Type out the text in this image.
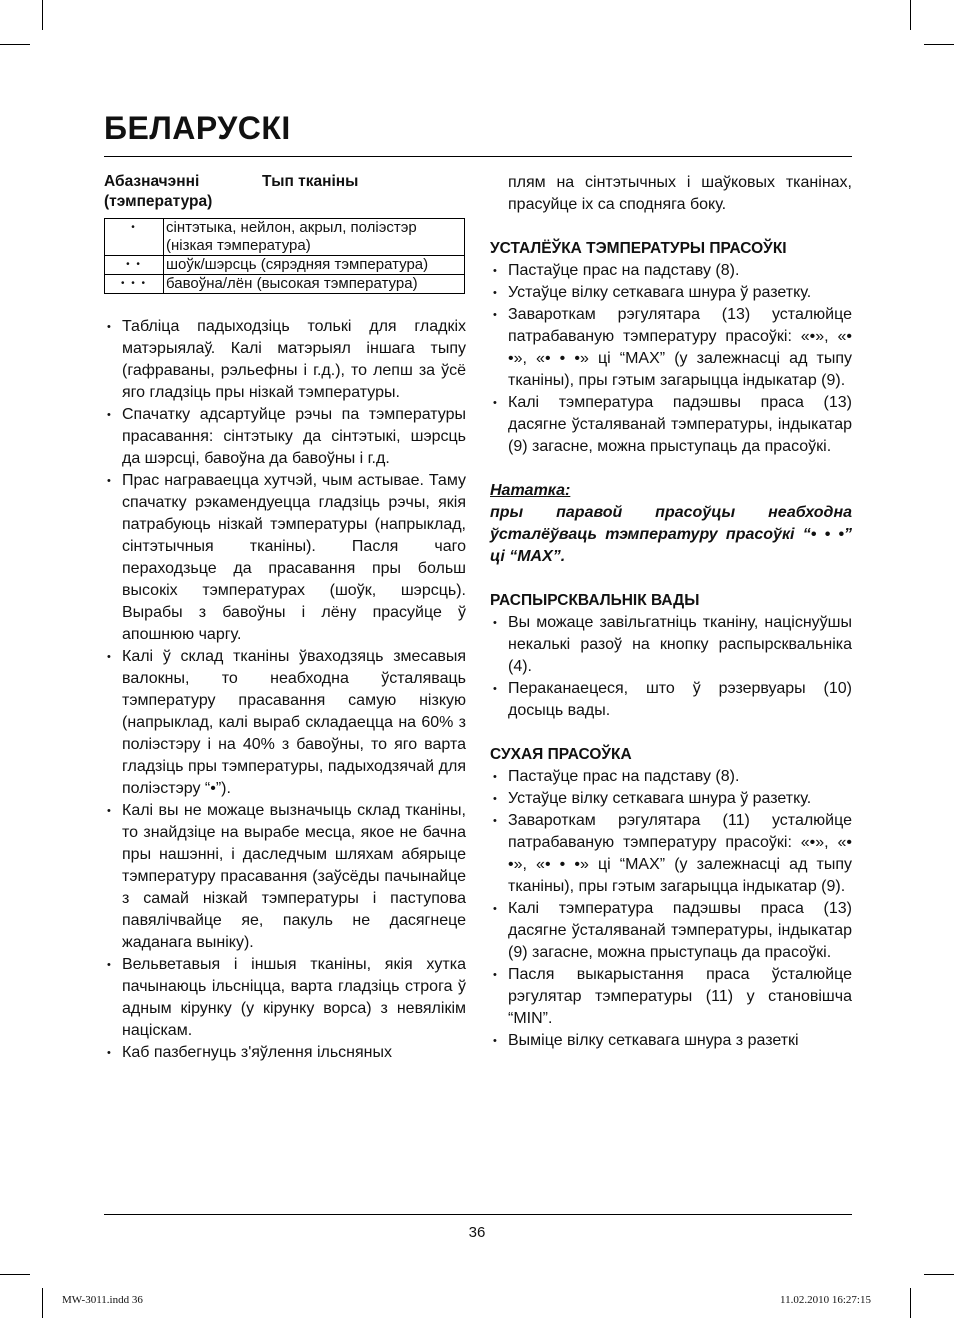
БЕЛАРУСКІ
Абазначэнні (тэмпература)
Тып тканіны
•	сінтэтыка, нейлон, акрыл, поліэстэр (нізкая тэмпература)
• •	шоўк/шэрсць (сярэдняя тэмпература)
• • •	бавоўна/лён (высокая тэмпература)
• Табліца падыходзіць толькі для гладкіх матэрыялаў. Калі матэрыял іншага тыпу (гафраваны, рэльефны і г.д.), то лепш за ўсё яго гладзіць пры нізкай тэмпературы.
• Спачатку адсартуйце рэчы па тэмпературы прасавання: сінтэтыку да сінтэтыкі, шэрсць да шэрсці, бавоўна да бавоўны і г.д.
• Прас награваецца хутчэй, чым астывае. Таму спачатку рэкамендуецца гладзіць рэчы, якія патрабуюць нізкай тэмпературы (напрыклад, сінтэтычныя тканіны). Пасля чаго пераходзьце да прасавання пры больш высокіх тэмпературах (шоўк, шэрсць). Вырабы з бавоўны і лёну прасуйце ў апошнюю чаргу.
• Калі ў склад тканіны ўваходзяць змесавыя валокны, то неабходна ўсталяваць тэмпературу прасавання самую нізкую (напрыклад, калі выраб складаецца на 60% з поліэстэру і на 40% з бавоўны, то яго варта гладзіць пры тэмпературы, падыходзячай для поліэстэру “•”).
• Калі вы не можаце вызначыць склад тканіны, то знайдзіце на вырабе месца, якое не бачна пры нашэнні, і даследчым шляхам абярыце тэмпературу прасавання (заўсёды пачынайце з самай нізкай тэмпературы і паступова павялічвайце яе, пакуль не дасягнеце жаданага выніку).
• Вельветавыя і іншыя тканіны, якія хутка пачынаюць ільсніцца, варта гладзіць строга ў адным кірунку (у кірунку ворса) з невялікім націскам.
• Каб пазбегнуць з'яўлення ільсняных
плям на сінтэтычных і шаўковых тканінах, прасуйце іх са сподняга боку.
УСТАЛЁЎКА ТЭМПЕРАТУРЫ ПРАСОЎКІ
• Пастаўце прас на падставу (8).
• Устаўце вілку сеткавага шнура ў разетку.
• Завароткам рэгулятара (13) усталюйце патрабаваную тэмпературу прасоўкі: «•», «• •», «• • •» ці “MAX” (у залежнасці ад тыпу тканіны), пры гэтым загарыцца індыкатар (9).
• Калі тэмпература падэшвы праса (13) дасягне ўсталяванай тэмпературы, індыкатар (9) загасне, можна прыступаць да прасоўкі.
Нататка:
пры паравой прасоўцы неабходна ўсталёўваць тэмпературу прасоўкі “• • •” ці “MAX”.
РАСПЫРСКВАЛЬНІК ВАДЫ
• Вы можаце завільгатніць тканіну, націснуўшы некалькі разоў на кнопку распырсквальніка (4).
• Пераканаецеся, што ў рэзервуары (10) досыць вады.
СУХАЯ ПРАСОЎКА
• Пастаўце прас на падставу (8).
• Устаўце вілку сеткавага шнура ў разетку.
• Завароткам рэгулятара (11) усталюйце патрабаваную тэмпературу прасоўкі: «•», «• •», «• • •» ці “MAX” (у залежнасці ад тыпу тканіны), пры гэтым загарыцца індыкатар (9).
• Калі тэмпература падэшвы праса (13) дасягне ўсталяванай тэмпературы, індыкатар (9) загасне, можна прыступаць да прасоўкі.
• Пасля выкарыстання праса ўсталюйце рэгулятар тэмпературы (11) у становішча “MIN”.
• Выміце вілку сеткавага шнура з разеткі
36
MW-3011.indd 36	11.02.2010 16:27:15
